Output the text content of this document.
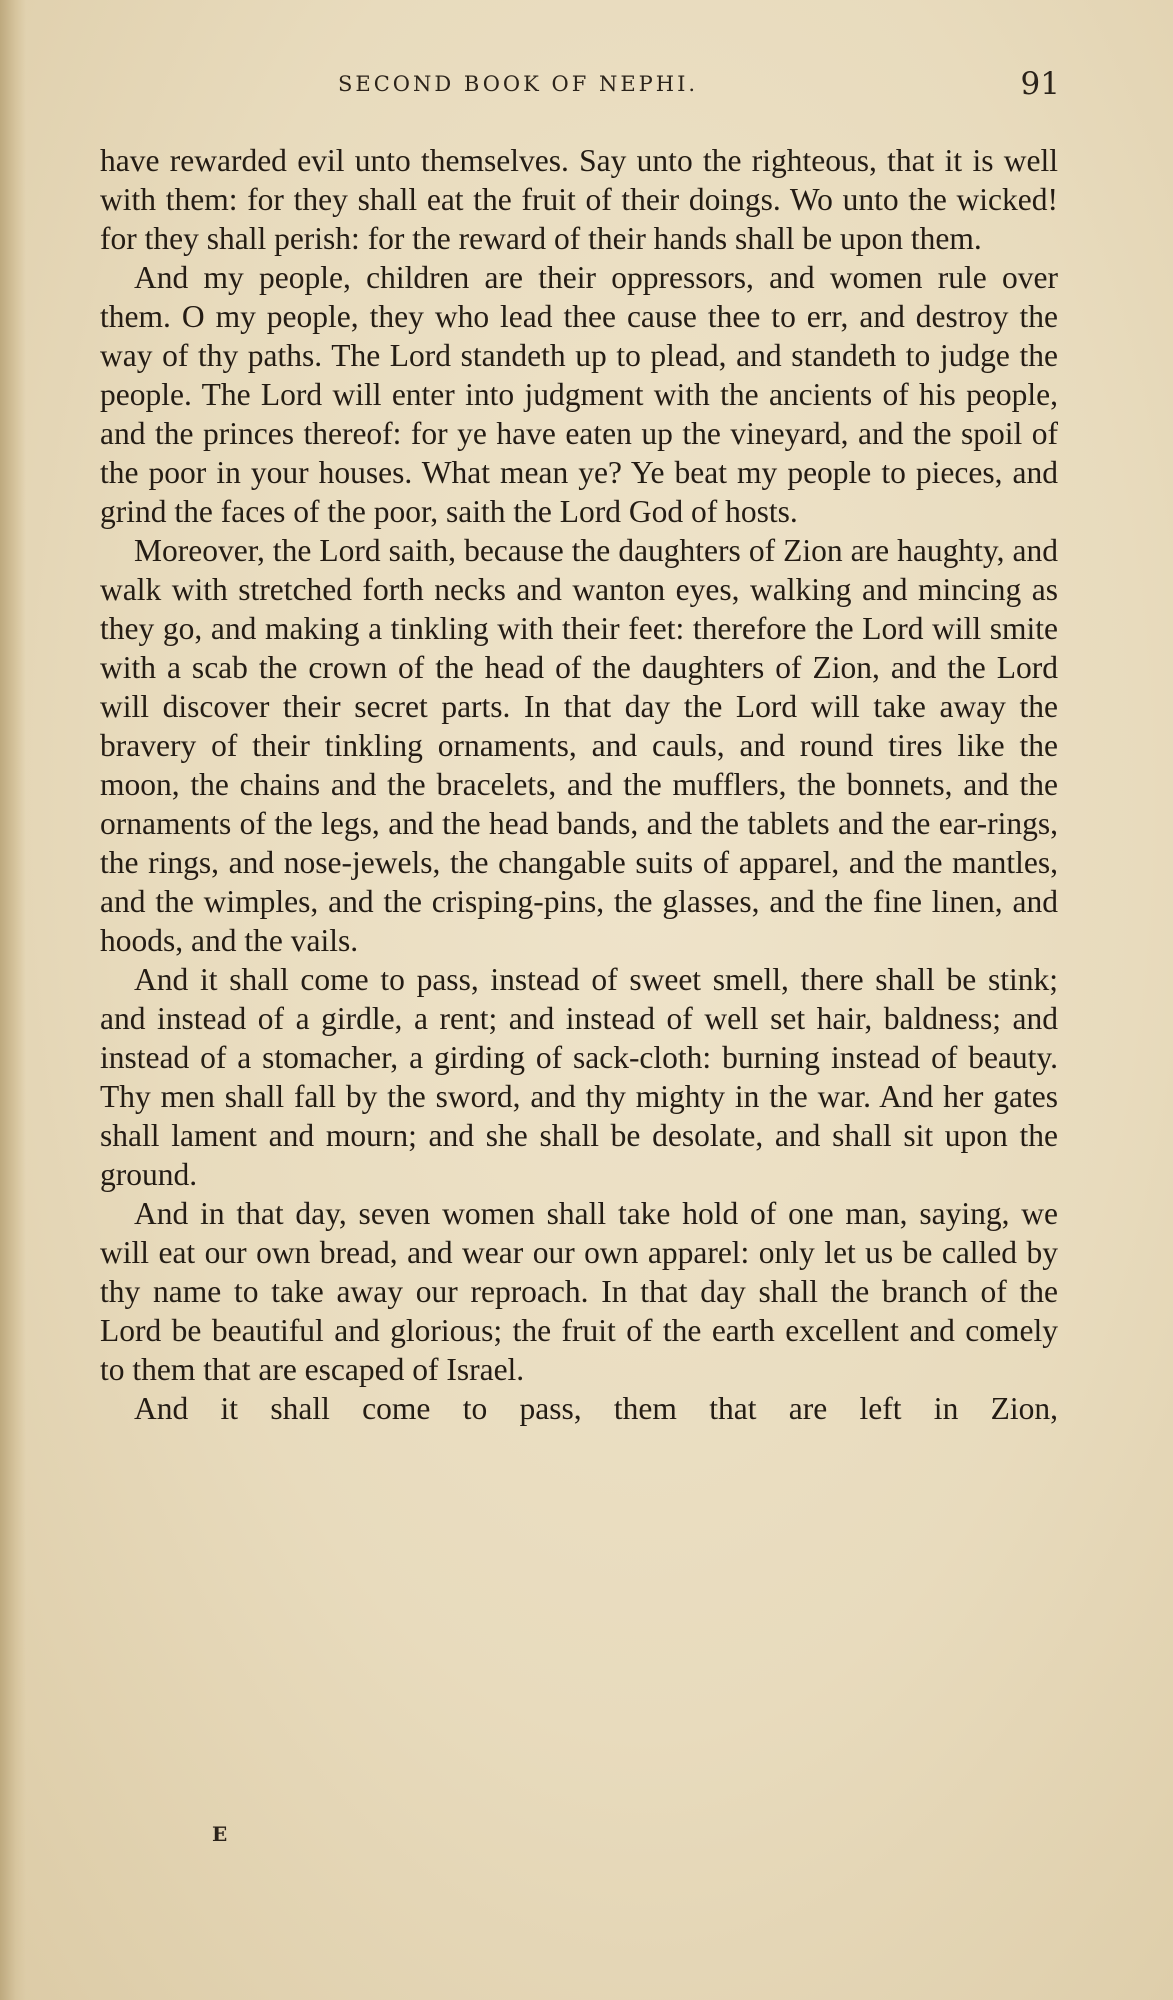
SECOND BOOK OF NEPHI.	91

have rewarded evil unto themselves. Say unto the righteous, that it is well with them: for they shall eat the fruit of their doings. Wo unto the wicked! for they shall perish: for the reward of their hands shall be upon them.

And my people, children are their oppressors, and women rule over them. O my people, they who lead thee cause thee to err, and destroy the way of thy paths. The Lord standeth up to plead, and standeth to judge the people. The Lord will enter into judgment with the ancients of his people, and the princes thereof: for ye have eaten up the vineyard, and the spoil of the poor in your houses. What mean ye? Ye beat my people to pieces, and grind the faces of the poor, saith the Lord God of hosts.

Moreover, the Lord saith, because the daughters of Zion are haughty, and walk with stretched forth necks and wanton eyes, walking and mincing as they go, and making a tinkling with their feet: therefore the Lord will smite with a scab the crown of the head of the daughters of Zion, and the Lord will discover their secret parts. In that day the Lord will take away the bravery of their tinkling ornaments, and cauls, and round tires like the moon, the chains and the bracelets, and the mufflers, the bonnets, and the ornaments of the legs, and the head bands, and the tablets and the ear-rings, the rings, and nose-jewels, the changable suits of apparel, and the mantles, and the wimples, and the crisping-pins, the glasses, and the fine linen, and hoods, and the vails.

And it shall come to pass, instead of sweet smell, there shall be stink; and instead of a girdle, a rent; and instead of well set hair, baldness; and instead of a stomacher, a girding of sack-cloth: burning instead of beauty. Thy men shall fall by the sword, and thy mighty in the war. And her gates shall lament and mourn; and she shall be desolate, and shall sit upon the ground.

And in that day, seven women shall take hold of one man, saying, we will eat our own bread, and wear our own apparel: only let us be called by thy name to take away our reproach. In that day shall the branch of the Lord be beautiful and glorious; the fruit of the earth excellent and comely to them that are escaped of Israel.

And it shall come to pass, them that are left in Zion,

E
